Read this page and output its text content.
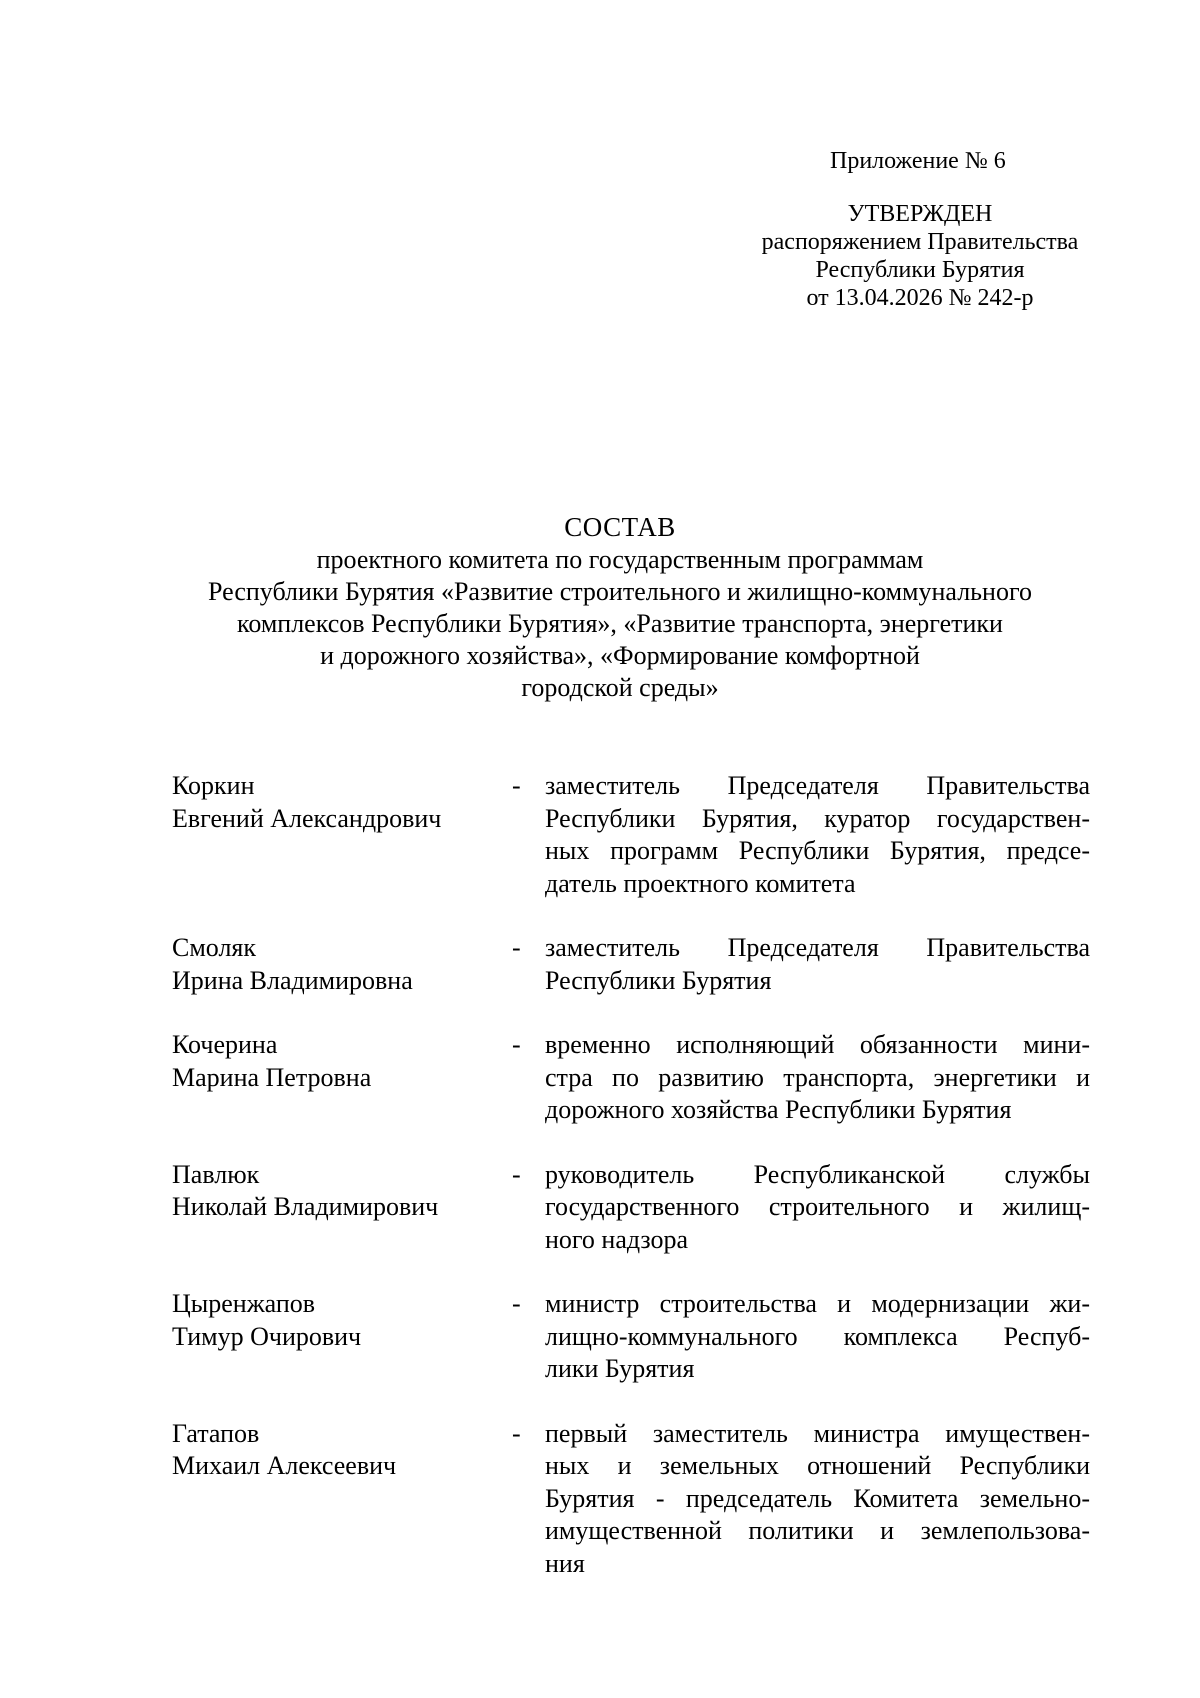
Приложение № 6

УТВЕРЖДЕН
распоряжением Правительства
Республики Бурятия
от 13.04.2026 № 242-р
СОСТАВ
проектного комитета по государственным программам
Республики Бурятия «Развитие строительного и жилищно-коммунального
комплексов Республики Бурятия», «Развитие транспорта, энергетики
и дорожного хозяйства», «Формирование комфортной
городской среды»
Коркин
Евгений Александрович
- заместитель Председателя Правительства
Республики Бурятия, куратор государствен-
ных программ Республики Бурятия, предсе-
датель проектного комитета
Смоляк
Ирина Владимировна
- заместитель Председателя Правительства
Республики Бурятия
Кочерина
Марина Петровна
- временно исполняющий обязанности мини-
стра по развитию транспорта, энергетики и
дорожного хозяйства Республики Бурятия
Павлюк
Николай Владимирович
- руководитель Республиканской службы
государственного строительного и жилищ-
ного надзора
Цыренжапов
Тимур Очирович
- министр строительства и модернизации жи-
лищно-коммунального комплекса Респуб-
лики Бурятия
Гатапов
Михаил Алексеевич
- первый заместитель министра имуществен-
ных и земельных отношений Республики
Бурятия - председатель Комитета земельно-
имущественной политики и землепользова-
ния
